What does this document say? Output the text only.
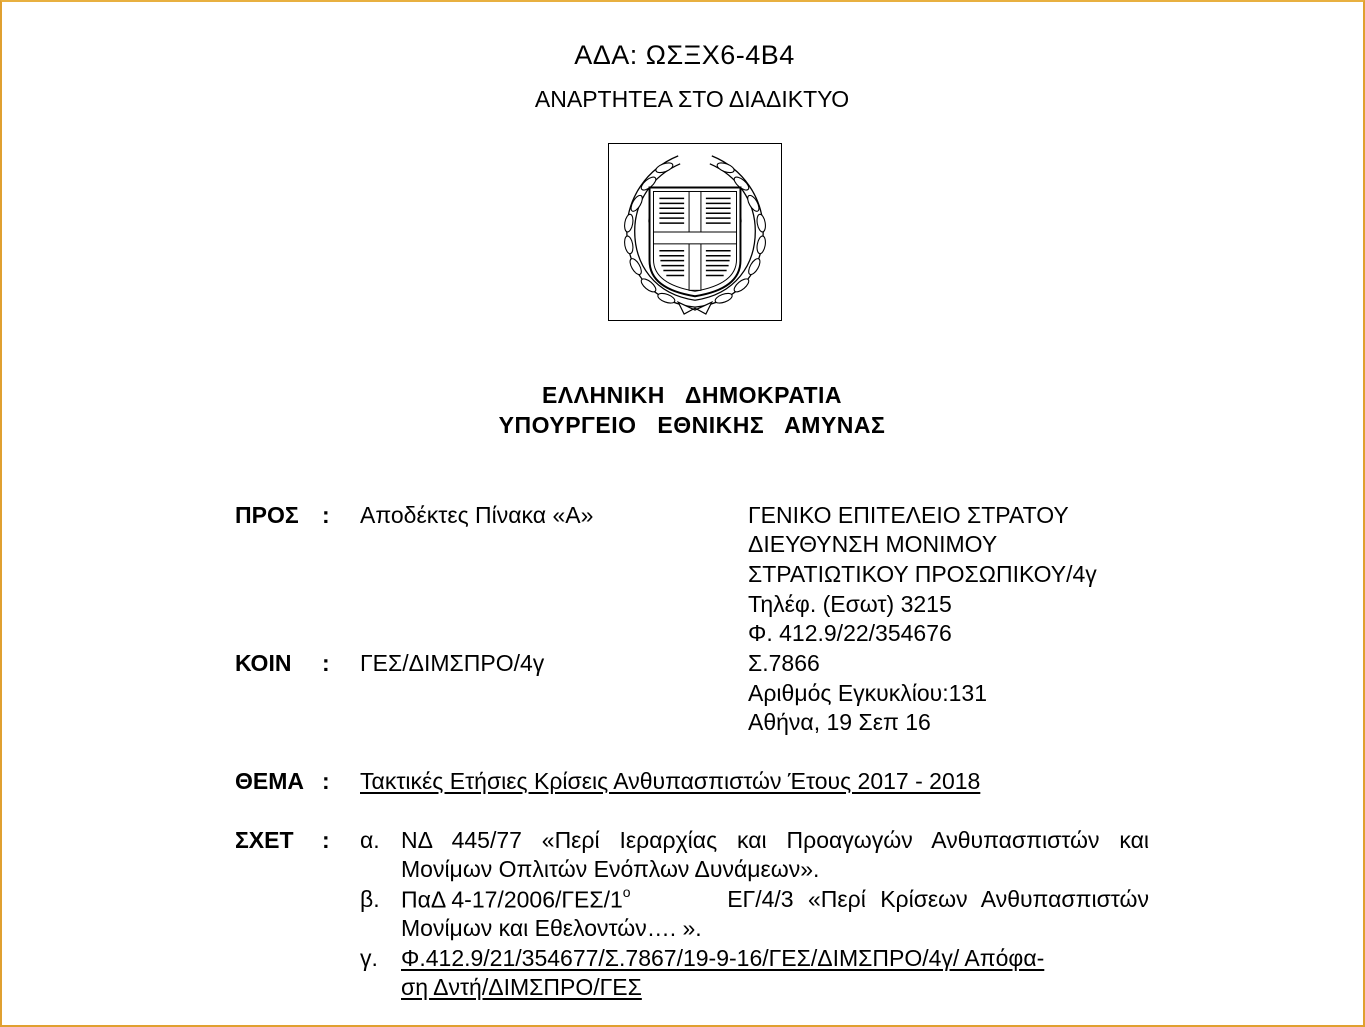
ΑΔΑ: ΩΣΞΧ6-4Β4
ΑΝΑΡΤΗΤΕΑ ΣΤΟ ΔΙΑΔΙΚΤΥΟ
ΕΛΛΗΝΙΚΗ ΔΗΜΟΚΡΑΤΙΑ
ΥΠΟΥΡΓΕΙΟ ΕΘΝΙΚΗΣ ΑΜΥΝΑΣ
ΠΡΟΣ : Αποδέκτες Πίνακα «Α»	ΓΕΝΙΚΟ ΕΠΙΤΕΛΕΙΟ ΣΤΡΑΤΟΥ
ΔΙΕΥΘΥΝΣΗ ΜΟΝΙΜΟΥ
ΣΤΡΑΤΙΩΤΙΚΟΥ ΠΡΟΣΩΠΙΚΟΥ/4γ
Τηλέφ. (Εσωτ) 3215
Φ. 412.9/22/354676
Σ.7866
Αριθμός Εγκυκλίου:131
Αθήνα, 19 Σεπ 16
ΚΟΙΝ : ΓΕΣ/ΔΙΜΣΠΡΟ/4γ
ΘΕΜΑ : Τακτικές Ετήσιες Κρίσεις Ανθυπασπιστών Έτους 2017 - 2018
ΣΧΕΤ : α. ΝΔ 445/77 «Περί Ιεραρχίας και Προαγωγών Ανθυπασπιστών και
Μονίμων Οπλιτών Ενόπλων Δυνάμεων».
β. ΠαΔ $4-17/2006/\Gamma E\Sigma/1^o$	ΕΓ/4/3 «Περί Κρίσεων Ανθυπασπιστών
Μονίμων και Εθελοντών…. ».
γ. Φ.412.9/21/354677/Σ.7867/19-9-16/ΓΕΣ/ΔΙΜΣΠΡΟ/4γ/ Απόφα-
ση Δντή/ΔΙΜΣΠΡΟ/ΓΕΣ
